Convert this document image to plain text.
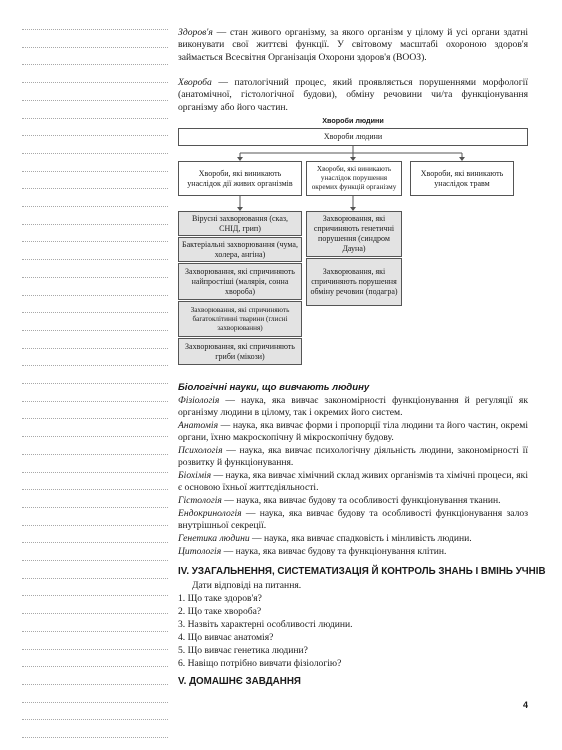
Здоров'я — стан живого організму, за якого організм у цілому й усі органи здатні виконувати свої життєві функції. У світовому масштабі охороною здоров'я займається Всесвітня Організація Охорони здоров'я (ВООЗ).
Хвороба — патологічний процес, який проявляється порушеннями морфології (анатомічної, гістологічної будови), обміну речовини чи/та функціонування організму або його частин.
Хвороби людини
Хвороби людини
Хвороби, які виникають унаслідок дії живих організмів
Хвороби, які виникають унаслідок порушення окремих функцій організму
Хвороби, які виникають унаслідок травм
Вірусні захворювання (сказ, СНІД, грип)
Бактеріальні захворювання (чума, холера, ангіна)
Захворювання, які спричиняють найпростіші (малярія, сонна хвороба)
Захворювання, які спричиняють багатоклітинні тварини (глисні захворювання)
Захворювання, які спричиняють гриби (мікози)
Захворювання, які спричиняють генетичні порушення (синдром Дауна)
Захворювання, які спричиняють порушення обміну речовин (подагра)
Біологічні науки, що вивчають людину
Фізіологія — наука, яка вивчає закономірності функціонування й регуляції як організму людини в цілому, так і окремих його систем.
Анатомія — наука, яка вивчає форми і пропорції тіла людини та його частин, окремі органи, їхню макроскопічну й мікроскопічну будову.
Психологія — наука, яка вивчає психологічну діяльність людини, закономірності її розвитку й функціонування.
Біохімія — наука, яка вивчає хімічний склад живих організмів та хімічні процеси, які є основою їхньої життєдіяльності.
Гістологія — наука, яка вивчає будову та особливості функціонування тканин.
Ендокринологія — наука, яка вивчає будову та особливості функціонування залоз внутрішньої секреції.
Генетика людини — наука, яка вивчає спадковість і мінливість людини.
Цитологія — наука, яка вивчає будову та функціонування клітин.
IV. УЗАГАЛЬНЕННЯ, СИСТЕМАТИЗАЦІЯ Й КОНТРОЛЬ ЗНАНЬ І ВМІНЬ УЧНІВ
Дати відповіді на питання.
1. Що таке здоров'я?
2. Що таке хвороба?
3. Назвіть характерні особливості людини.
4. Що вивчає анатомія?
5. Що вивчає генетика людини?
6. Навіщо потрібно вивчати фізіологію?
V. ДОМАШНЄ ЗАВДАННЯ
4
